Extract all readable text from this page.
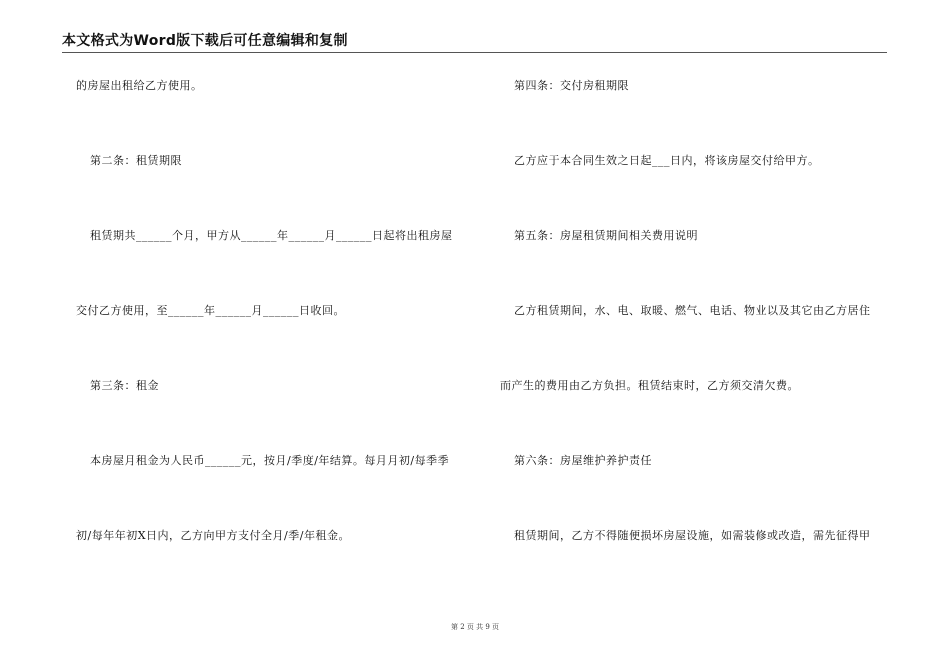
本文格式为Word版下载后可任意编辑和复制
的房屋出租给乙方使用。
第二条：租赁期限
租赁期共______个月，甲方从______年______月______日起将出租房屋
交付乙方使用，至______年______月______日收回。
第三条：租金
本房屋月租金为人民币______元，按月/季度/年结算。每月月初/每季季
初/每年年初X日内，乙方向甲方支付全月/季/年租金。
第四条：交付房租期限
乙方应于本合同生效之日起___日内，将该房屋交付给甲方。
第五条：房屋租赁期间相关费用说明
乙方租赁期间，水、电、取暖、燃气、电话、物业以及其它由乙方居住
而产生的费用由乙方负担。租赁结束时，乙方须交清欠费。
第六条：房屋维护养护责任
租赁期间，乙方不得随便损坏房屋设施，如需装修或改造，需先征得甲
第 2 页 共 9 页
